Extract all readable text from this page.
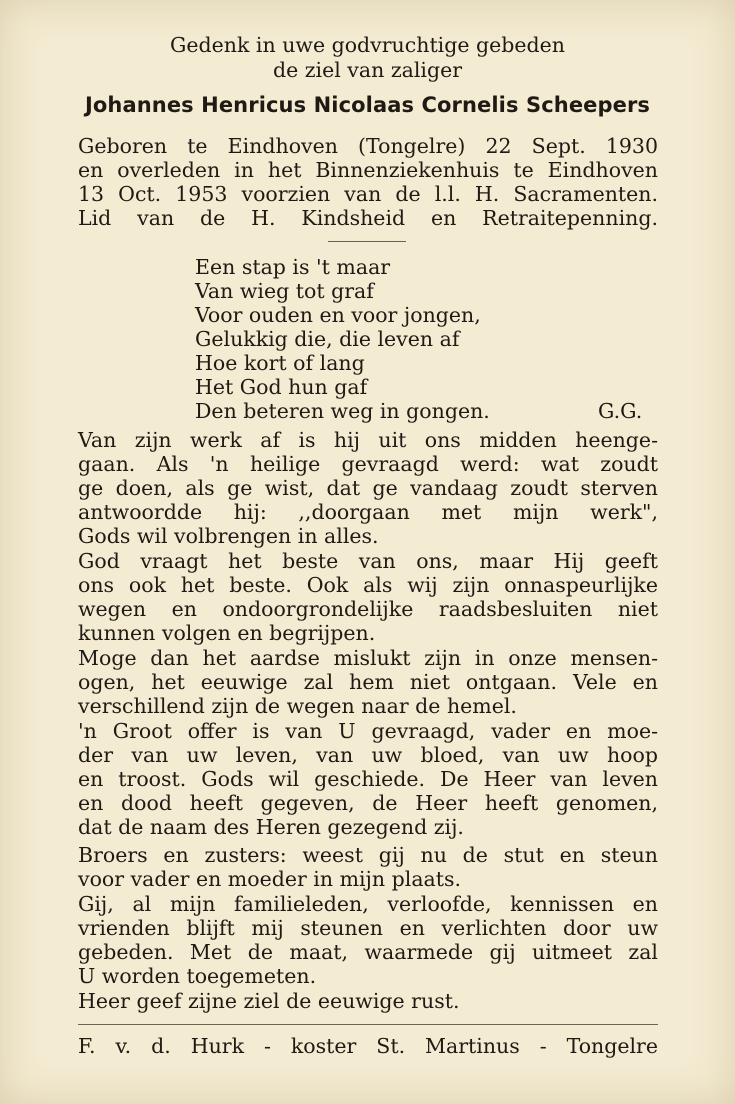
Gedenk in uwe godvruchtige gebeden
de ziel van zaliger
Johannes Henricus Nicolaas Cornelis Scheepers
Geboren te Eindhoven (Tongelre) 22 Sept. 1930
en overleden in het Binnenziekenhuis te Eindhoven
13 Oct. 1953 voorzien van de l.l. H. Sacramenten.
Lid van de H. Kindsheid en Retraitepenning.
Een stap is 't maar
Van wieg tot graf
Voor ouden en voor jongen,
Gelukkig die, die leven af
Hoe kort of lang
Het God hun gaf
Den beteren weg in gongen.	G.G.
Van zijn werk af is hij uit ons midden heenge-
gaan. Als 'n heilige gevraagd werd: wat zoudt
ge doen, als ge wist, dat ge vandaag zoudt sterven
antwoordde hij: ,,doorgaan met mijn werk",
Gods wil volbrengen in alles.
God vraagt het beste van ons, maar Hij geeft
ons ook het beste. Ook als wij zijn onnaspeurlijke
wegen en ondoorgrondelijke raadsbesluiten niet
kunnen volgen en begrijpen.
Moge dan het aardse mislukt zijn in onze mensen-
ogen, het eeuwige zal hem niet ontgaan. Vele en
verschillend zijn de wegen naar de hemel.
'n Groot offer is van U gevraagd, vader en moe-
der van uw leven, van uw bloed, van uw hoop
en troost. Gods wil geschiede. De Heer van leven
en dood heeft gegeven, de Heer heeft genomen,
dat de naam des Heren gezegend zij.
Broers en zusters: weest gij nu de stut en steun
voor vader en moeder in mijn plaats.
Gij, al mijn familieleden, verloofde, kennissen en
vrienden blijft mij steunen en verlichten door uw
gebeden. Met de maat, waarmede gij uitmeet zal
U worden toegemeten.
Heer geef zijne ziel de eeuwige rust.
F. v. d. Hurk - koster St. Martinus - Tongelre
